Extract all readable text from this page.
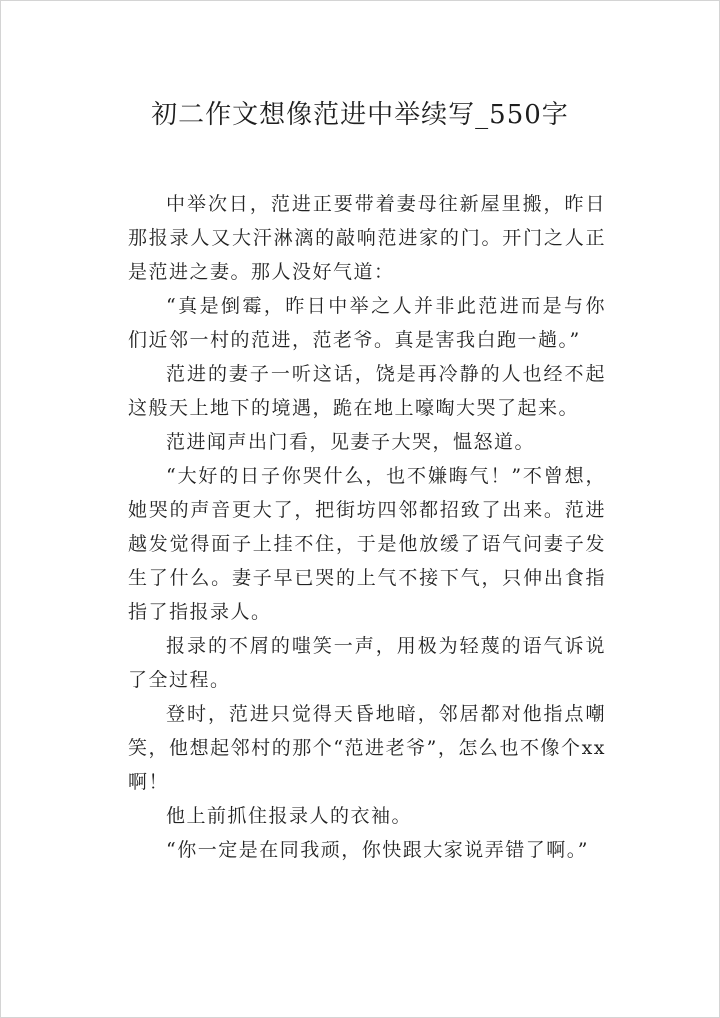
初二作文想像范进中举续写_550字

中举次日，范进正要带着妻母往新屋里搬，昨日那报录人又大汗淋漓的敲响范进家的门。开门之人正是范进之妻。那人没好气道：

“真是倒霉，昨日中举之人并非此范进而是与你们近邻一村的范进，范老爷。真是害我白跑一趟。”

范进的妻子一听这话，饶是再冷静的人也经不起这般天上地下的境遇，跪在地上嚎啕大哭了起来。

范进闻声出门看，见妻子大哭，愠怒道。

“大好的日子你哭什么，也不嫌晦气！”不曾想，她哭的声音更大了，把街坊四邻都招致了出来。范进越发觉得面子上挂不住，于是他放缓了语气问妻子发生了什么。妻子早已哭的上气不接下气，只伸出食指指了指报录人。

报录的不屑的嗤笑一声，用极为轻蔑的语气诉说了全过程。

登时，范进只觉得天昏地暗，邻居都对他指点嘲笑，他想起邻村的那个“范进老爷”，怎么也不像个xx啊！

他上前抓住报录人的衣袖。

“你一定是在同我顽，你快跟大家说弄错了啊。”
